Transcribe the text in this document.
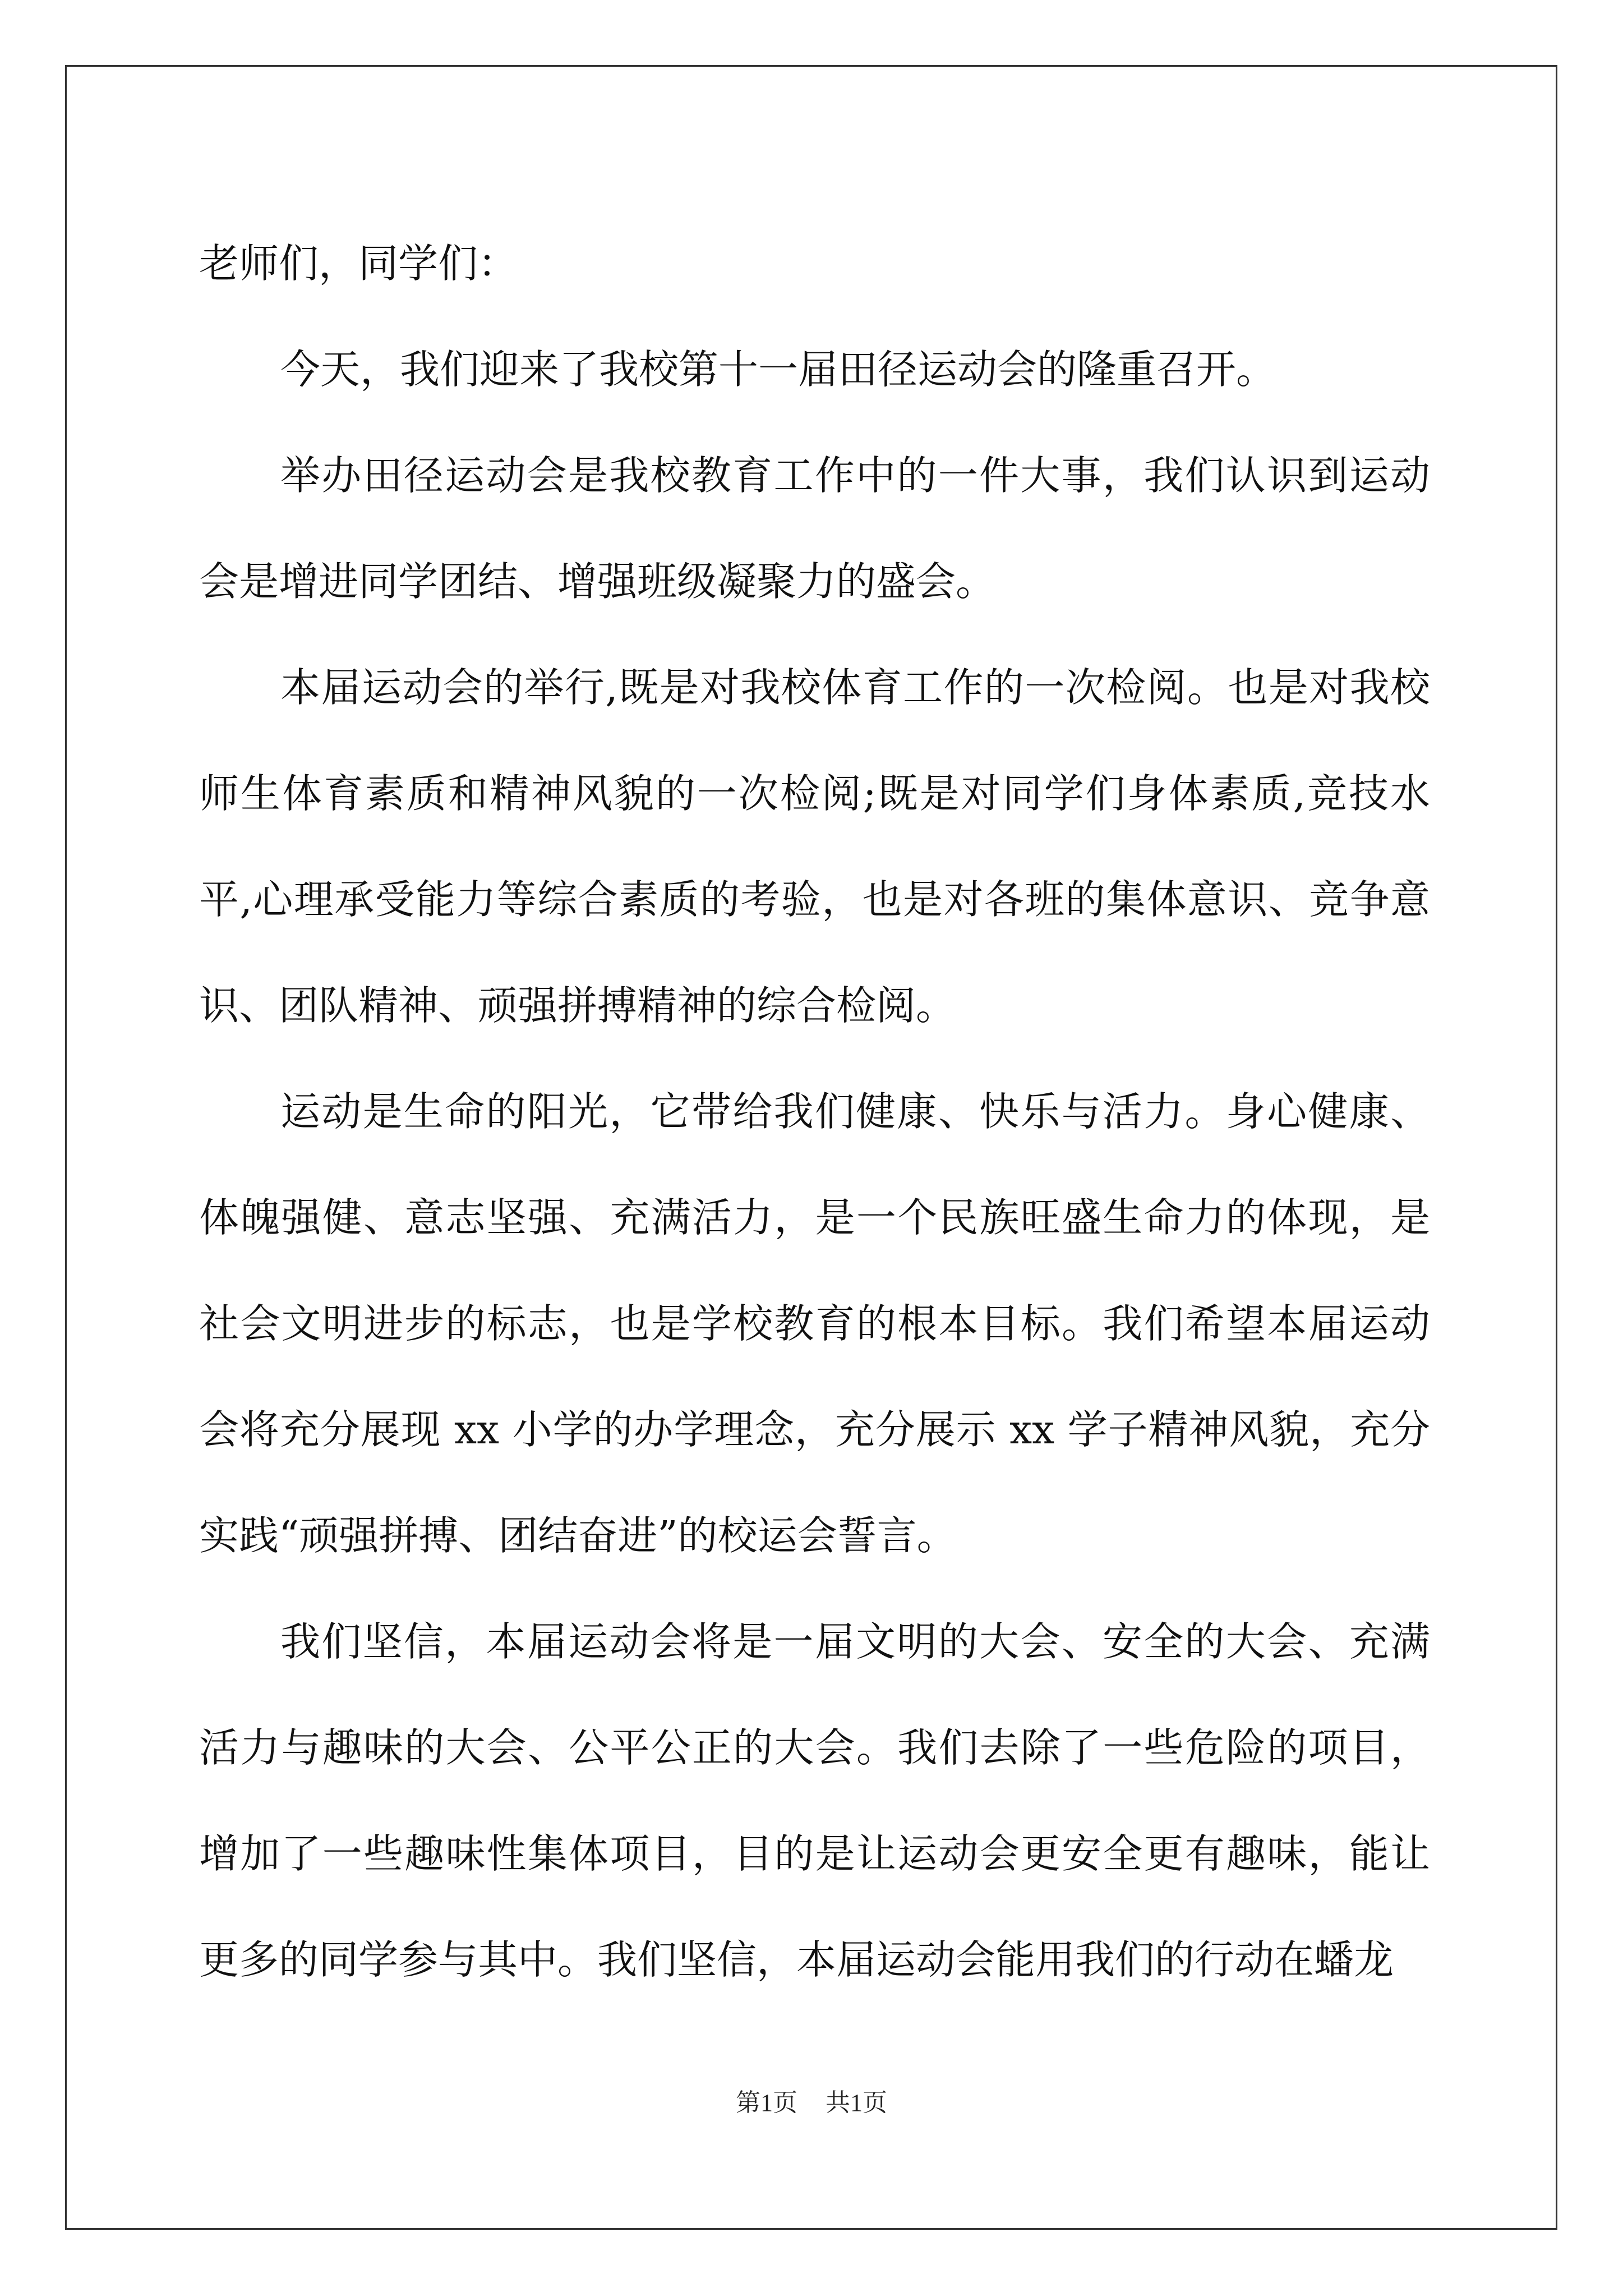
老师们，同学们：

今天，我们迎来了我校第十一届田径运动会的隆重召开。

举办田径运动会是我校教育工作中的一件大事，我们认识到运动会是增进同学团结、增强班级凝聚力的盛会。

本届运动会的举行,既是对我校体育工作的一次检阅。也是对我校师生体育素质和精神风貌的一次检阅;既是对同学们身体素质,竞技水平,心理承受能力等综合素质的考验，也是对各班的集体意识、竞争意识、团队精神、顽强拼搏精神的综合检阅。

运动是生命的阳光，它带给我们健康、快乐与活力。身心健康、体魄强健、意志坚强、充满活力，是一个民族旺盛生命力的体现，是社会文明进步的标志，也是学校教育的根本目标。我们希望本届运动会将充分展现 xx 小学的办学理念，充分展示 xx 学子精神风貌，充分实践“顽强拼搏、团结奋进”的校运会誓言。

我们坚信，本届运动会将是一届文明的大会、安全的大会、充满活力与趣味的大会、公平公正的大会。我们去除了一些危险的项目，增加了一些趣味性集体项目，目的是让运动会更安全更有趣味，能让更多的同学参与其中。我们坚信，本届运动会能用我们的行动在蟠龙

第1页 共1页
